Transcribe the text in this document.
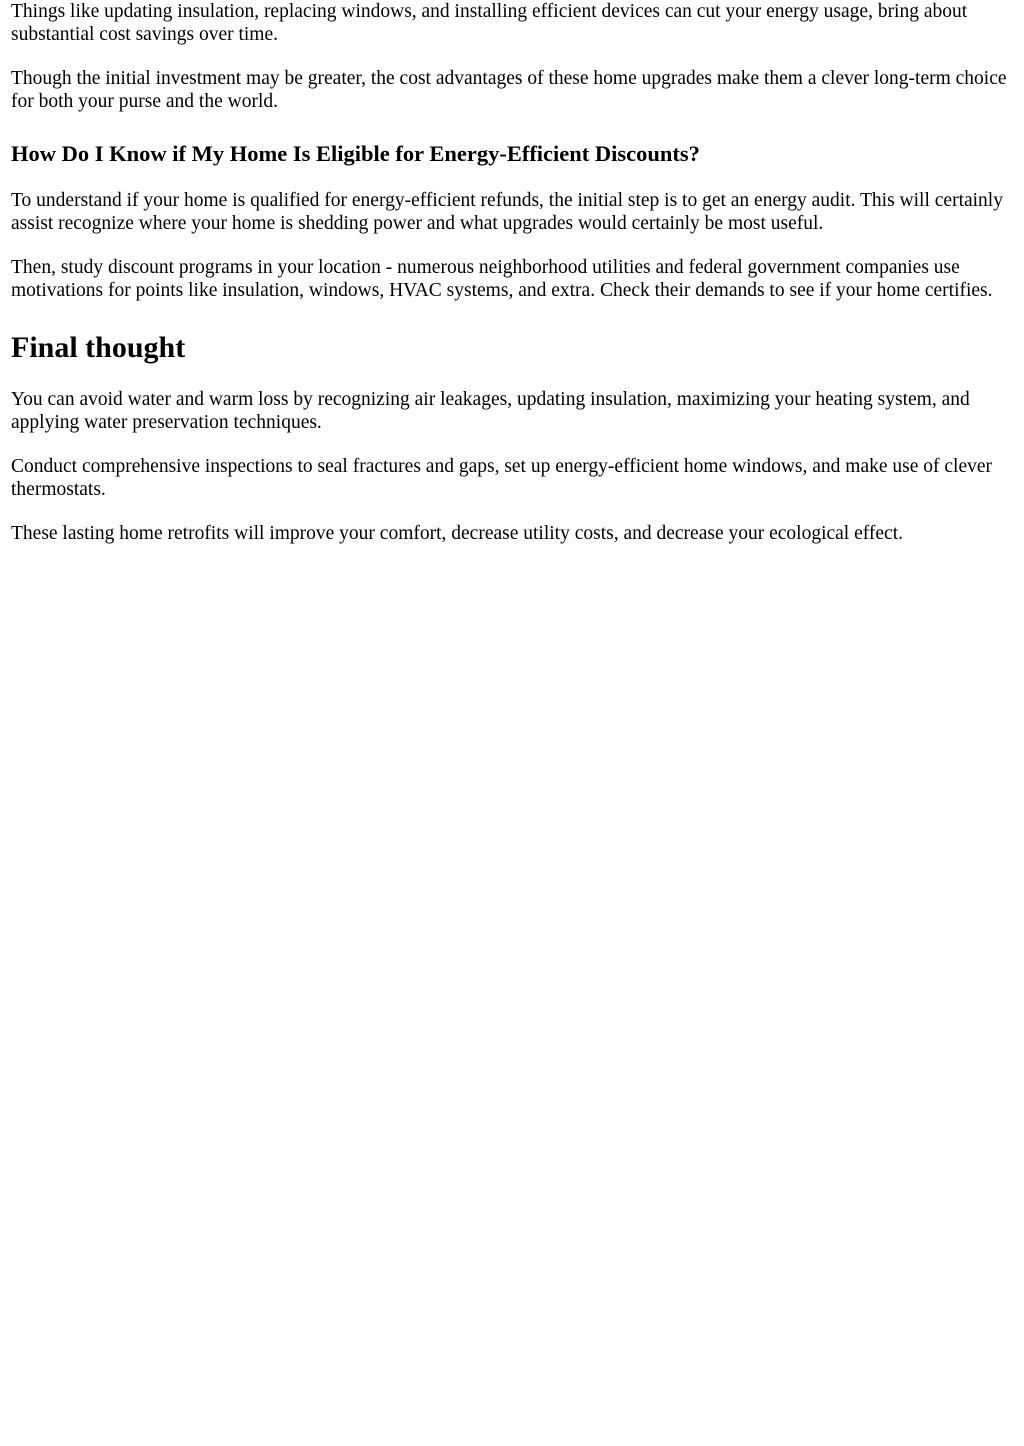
Things like updating insulation, replacing windows, and installing efficient devices can cut your energy usage, bring about substantial cost savings over time.

Though the initial investment may be greater, the cost advantages of these home upgrades make them a clever long-term choice for both your purse and the world.

How Do I Know if My Home Is Eligible for Energy-Efficient Discounts?

To understand if your home is qualified for energy-efficient refunds, the initial step is to get an energy audit. This will certainly assist recognize where your home is shedding power and what upgrades would certainly be most useful.

Then, study discount programs in your location - numerous neighborhood utilities and federal government companies use motivations for points like insulation, windows, HVAC systems, and extra. Check their demands to see if your home certifies.

Final thought

You can avoid water and warm loss by recognizing air leakages, updating insulation, maximizing your heating system, and applying water preservation techniques.

Conduct comprehensive inspections to seal fractures and gaps, set up energy-efficient home windows, and make use of clever thermostats.

These lasting home retrofits will improve your comfort, decrease utility costs, and decrease your ecological effect.
